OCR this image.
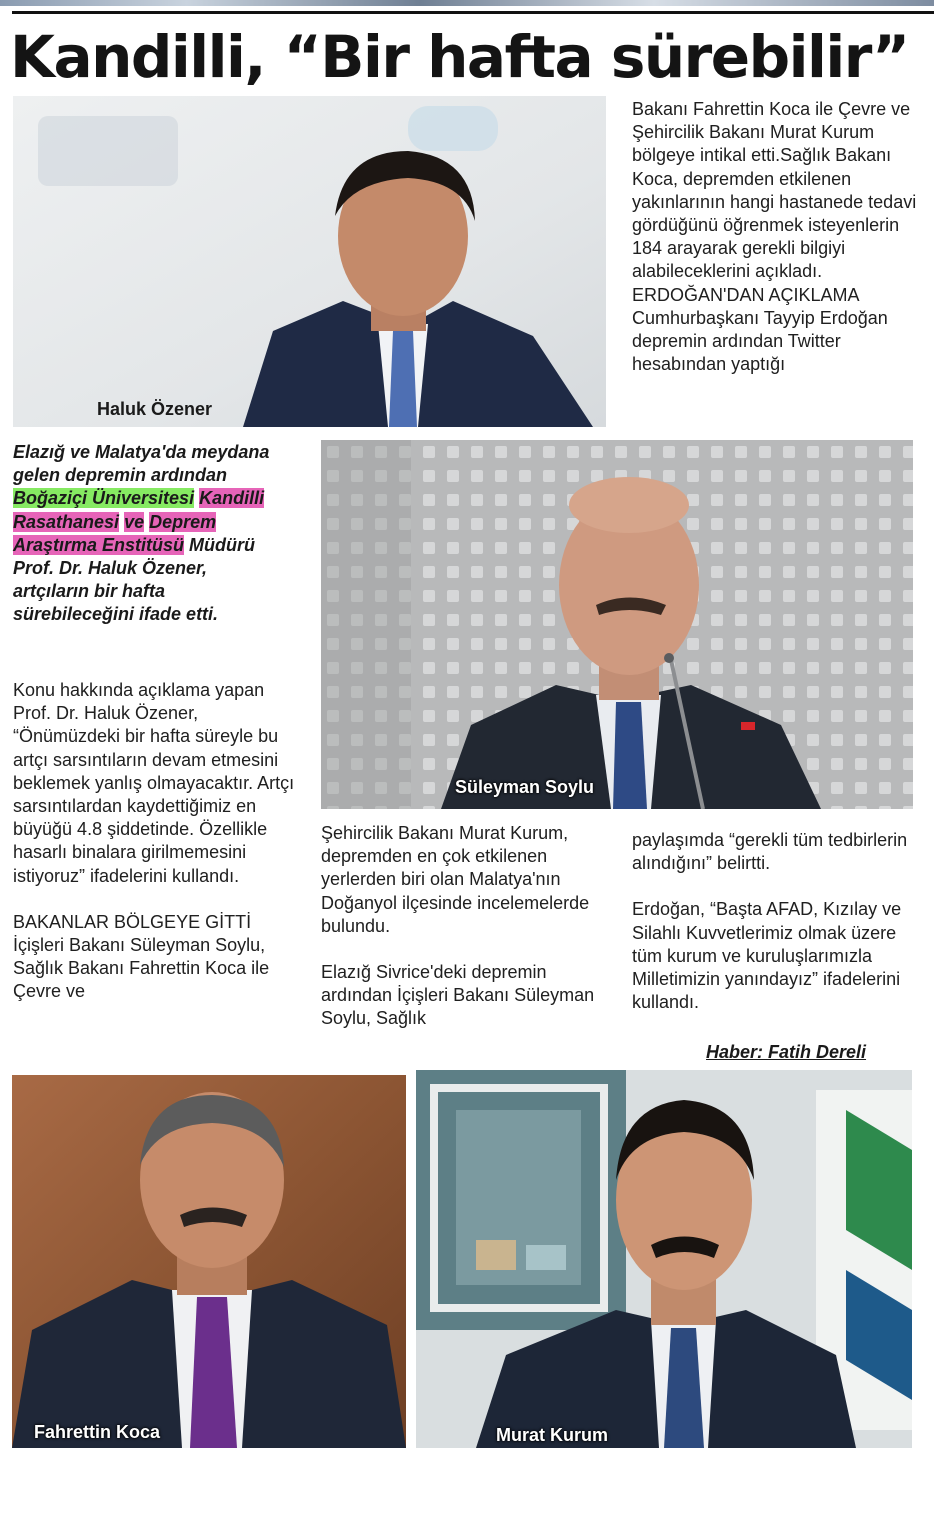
Kandilli, “Bir hafta sürebilir”
Haluk Özener

Bakanı Fahrettin Koca ile Çevre ve Şehircilik Bakanı Murat Kurum bölgeye intikal etti.Sağlık Bakanı Koca, depremden etkilenen yakınlarının hangi hastanede tedavi gördüğünü öğrenmek isteyenlerin 184 arayarak gerekli bilgiyi alabileceklerini açıkladı.

ERDOĞAN'DAN AÇIKLAMA

Cumhurbaşkanı Tayyip Erdoğan depremin ardından Twitter hesabından yaptığı

Elazığ ve Malatya'da meydana gelen depremin ardından Boğaziçi Üniversitesi Kandilli Rasathanesi ve Deprem Araştırma Enstitüsü Müdürü Prof. Dr. Haluk Özener, artçıların bir hafta sürebileceğini ifade etti.

Süleyman Soylu

Konu hakkında açıklama yapan Prof. Dr. Haluk Özener, “Önümüzdeki bir hafta süreyle bu artçı sarsıntıların devam etmesini beklemek yanlış olmayacaktır. Artçı sarsıntılardan kaydettiğimiz en büyüğü 4.8 şiddetinde. Özellikle hasarlı binalara girilmemesini istiyoruz” ifadelerini kullandı.

BAKANLAR BÖLGEYE GİTTİ

İçişleri Bakanı Süleyman Soylu, Sağlık Bakanı Fahrettin Koca ile Çevre ve

Şehircilik Bakanı Murat Kurum, depremden en çok etkilenen yerlerden biri olan Malatya'nın Doğanyol ilçesinde incelemelerde bulundu.

Elazığ Sivrice'deki depremin ardından İçişleri Bakanı Süleyman Soylu, Sağlık

paylaşımda “gerekli tüm tedbirlerin alındığını” belirtti.

Erdoğan, “Başta AFAD, Kızılay ve Silahlı Kuvvetlerimiz olmak üzere tüm kurum ve kuruluşlarımızla Milletimizin yanındayız” ifadelerini kullandı.

Haber: Fatih Dereli
Fahrettin Koca	Murat Kurum
